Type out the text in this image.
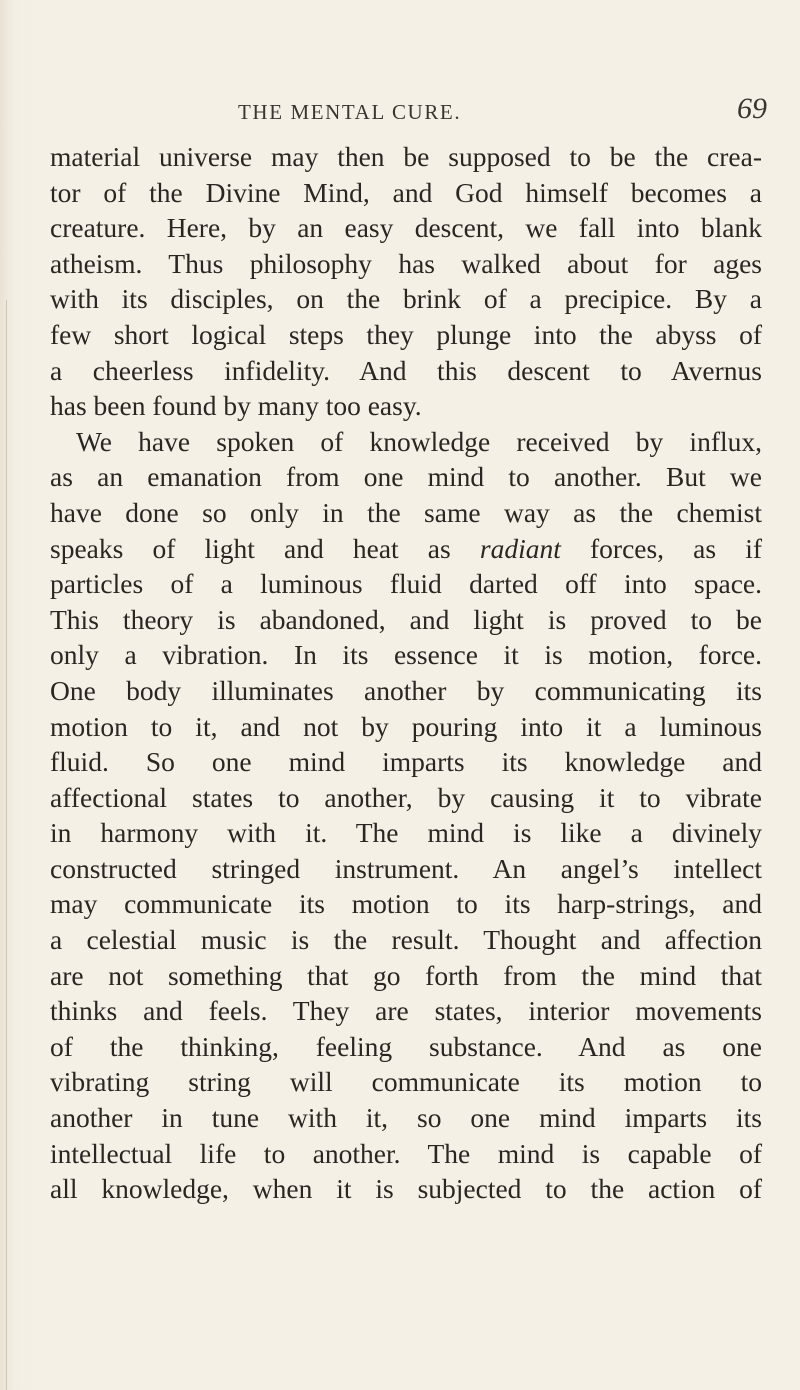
THE MENTAL CURE.	69
material universe may then be supposed to be the crea-
tor of the Divine Mind, and God himself becomes a
creature. Here, by an easy descent, we fall into blank
atheism. Thus philosophy has walked about for ages
with its disciples, on the brink of a precipice. By a
few short logical steps they plunge into the abyss of
a cheerless infidelity. And this descent to Avernus
has been found by many too easy.
We have spoken of knowledge received by influx,
as an emanation from one mind to another. But we
have done so only in the same way as the chemist
speaks of light and heat as radiant forces, as if
particles of a luminous fluid darted off into space.
This theory is abandoned, and light is proved to be
only a vibration. In its essence it is motion, force.
One body illuminates another by communicating its
motion to it, and not by pouring into it a luminous
fluid. So one mind imparts its knowledge and
affectional states to another, by causing it to vibrate
in harmony with it. The mind is like a divinely
constructed stringed instrument. An angel’s intellect
may communicate its motion to its harp-strings, and
a celestial music is the result. Thought and affection
are not something that go forth from the mind that
thinks and feels. They are states, interior movements
of the thinking, feeling substance. And as one
vibrating string will communicate its motion to
another in tune with it, so one mind imparts its
intellectual life to another. The mind is capable of
all knowledge, when it is subjected to the action of
